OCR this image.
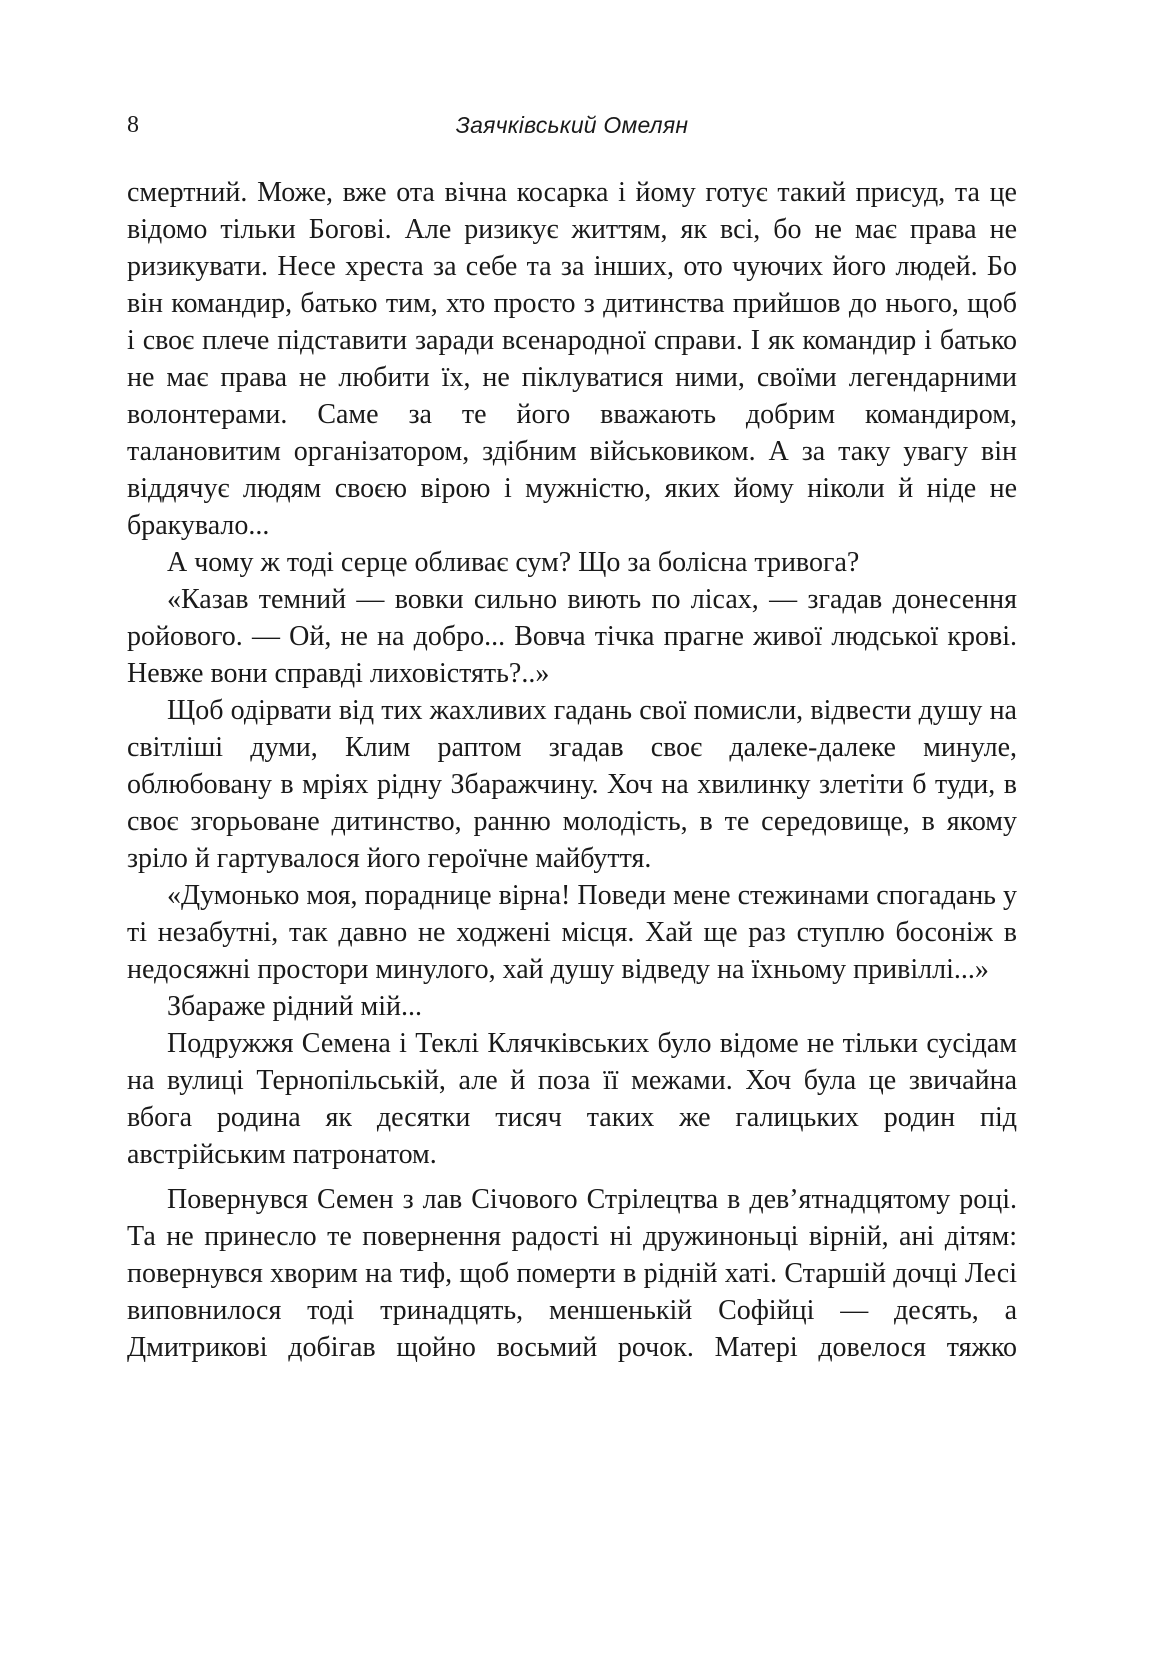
8	Заячківський Омелян

смертний. Може, вже ота вічна косарка і йому готує такий присуд, та це відомо тільки Богові. Але ризикує життям, як всі, бо не має права не ризикувати. Несе хреста за себе та за інших, ото чуючих його людей. Бо він командир, батько тим, хто просто з дитинства прийшов до нього, щоб і своє плече підставити заради всенародної справи. І як командир і батько не має права не любити їх, не піклуватися ними, своїми легендарними волонтерами. Саме за те його вважають добрим командиром, талановитим організатором, здібним військовиком. А за таку увагу він віддячує людям своєю вірою і мужністю, яких йому ніколи й ніде не бракувало...

А чому ж тоді серце обливає сум? Що за болісна тривога?

«Казав темний — вовки сильно виють по лісах, — згадав донесення ройового. — Ой, не на добро... Вовча тічка прагне живої людської крові. Невже вони справді лиховістять?..»

Щоб одірвати від тих жахливих гадань свої помисли, відвести душу на світліші думи, Клим раптом згадав своє далеке-далеке минуле, облюбовану в мріях рідну Збаражчину. Хоч на хвилинку злетіти б туди, в своє згорьоване дитинство, ранню молодість, в те середовище, в якому зріло й гартувалося його героїчне майбуття.

«Думонько моя, пораднице вірна! Поведи мене стежинами спогадань у ті незабутні, так давно не ходжені місця. Хай ще раз ступлю босоніж в недосяжні простори минулого, хай душу відведу на їхньому привіллі...»

Збараже рідний мій...

Подружжя Семена і Теклі Клячківських було відоме не тільки сусідам на вулиці Тернопільській, але й поза її межами. Хоч була це звичайна вбога родина як десятки тисяч таких же галицьких родин під австрійським патронатом.

Повернувся Семен з лав Січового Стрілецтва в дев’ятнадцятому році. Та не принесло те повернення радості ні дружиноньці вірній, ані дітям: повернувся хворим на тиф, щоб померти в рідній хаті. Старшій дочці Лесі виповнилося тоді тринадцять, меншенькій Софійці — десять, а Дмитрикові добігав щойно восьмий рочок. Матері довелося тяжко
